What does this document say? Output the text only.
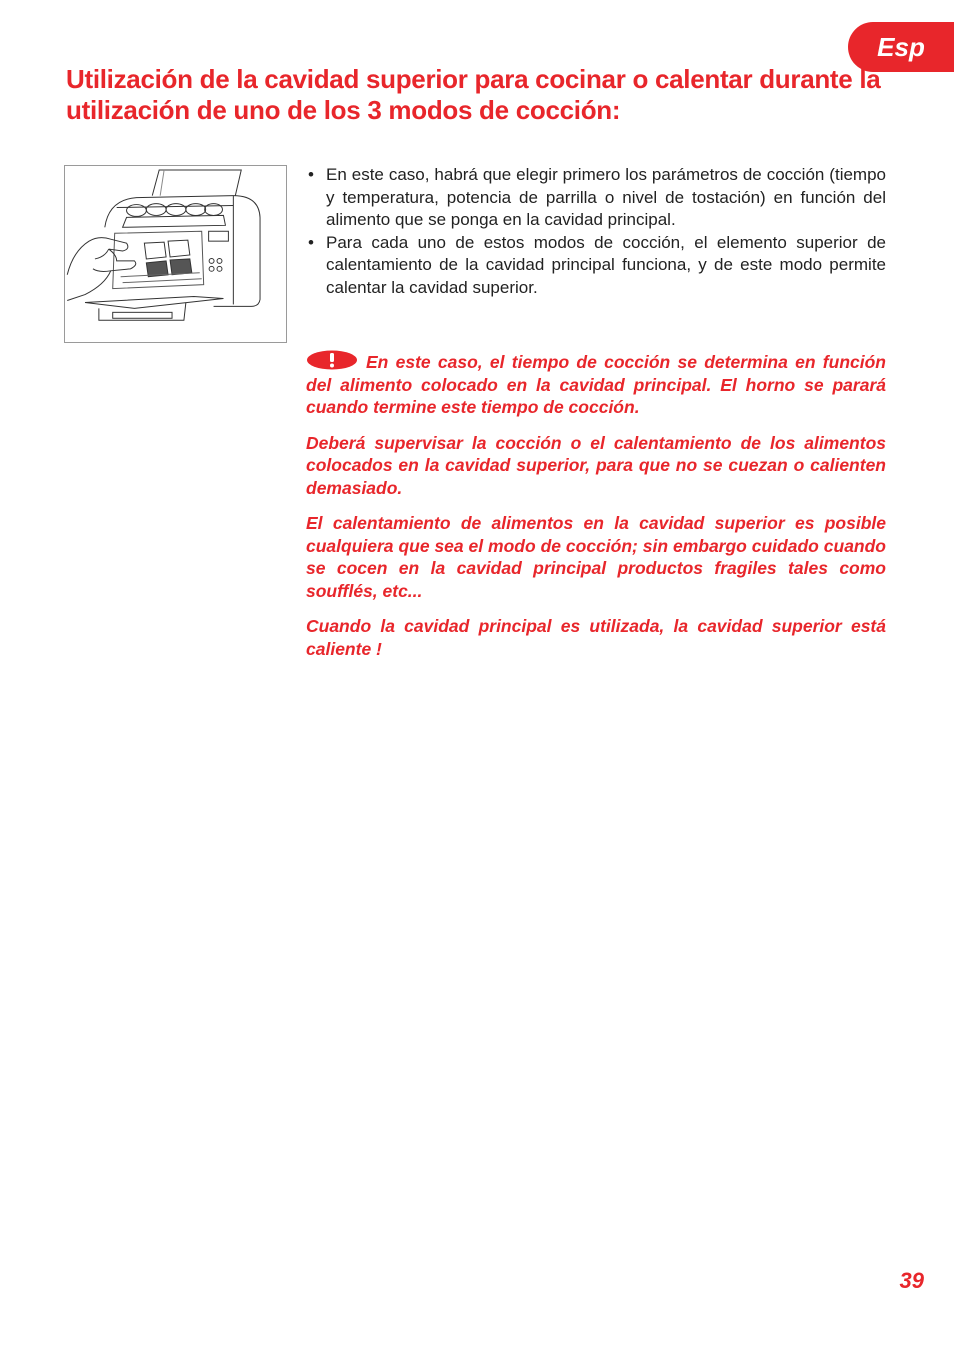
Esp
Utilización de la cavidad superior para cocinar o calentar durante la utilización de uno de los 3 modos de cocción:
• En este caso, habrá que elegir primero los parámetros de cocción (tiempo y temperatura, potencia de parrilla o nivel de tostación) en función del alimento que se ponga en la cavidad principal.
• Para cada uno de estos modos de cocción, el elemento superior de calentamiento de la cavidad principal funciona, y de este modo permite calentar la cavidad superior.

En este caso, el tiempo de cocción se determina en función del alimento colocado en la cavidad principal. El horno se parará cuando termine este tiempo de cocción.

Deberá supervisar la cocción o el calentamiento de los alimentos colocados en la cavidad superior, para que no se cuezan o calienten demasiado.

El calentamiento de alimentos en la cavidad superior es posible cualquiera que sea el modo de cocción; sin embargo cuidado cuando se cocen en la cavidad principal productos fragiles tales como soufflés, etc...

Cuando la cavidad principal es utilizada, la cavidad superior está caliente !

39
